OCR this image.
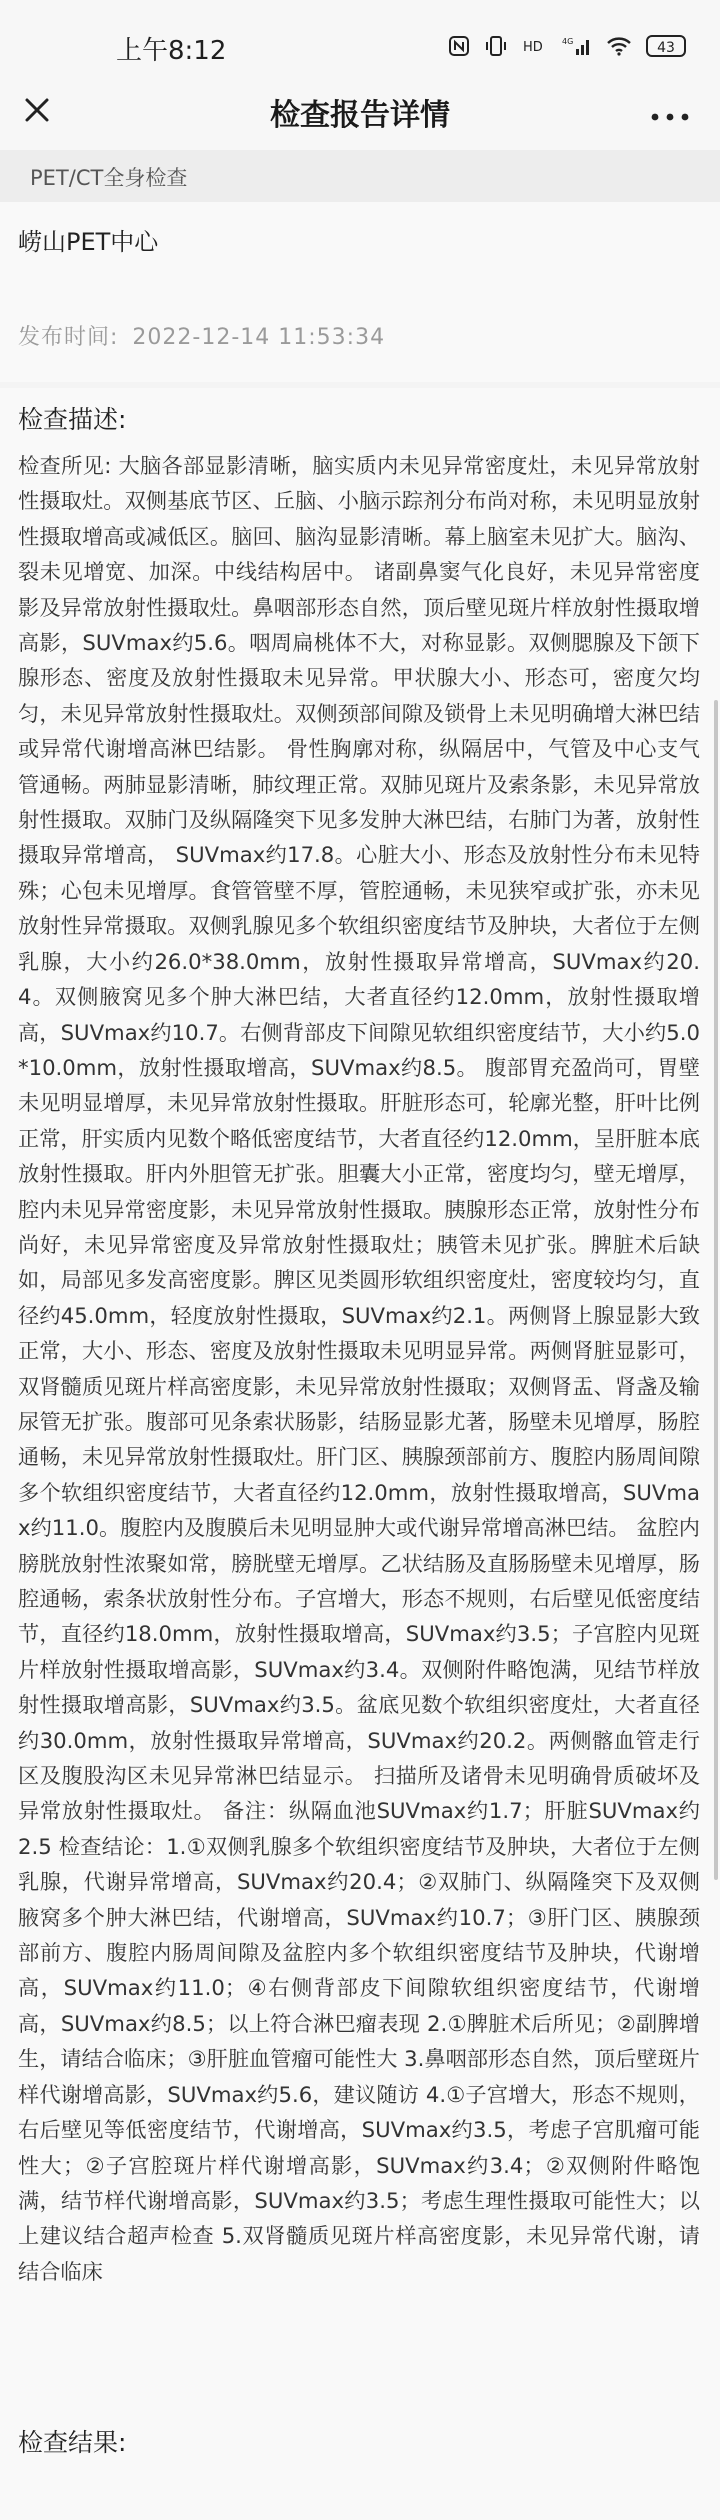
上午8:12	HD 4G	43
检查报告详情
PET/CT全身检查
崂山PET中心
发布时间: 2022-12-14 11:53:34
检查描述:
检查所见: 大脑各部显影清晰，脑实质内未见异常密度灶，未见异常放射性摄取灶。双侧基底节区、丘脑、小脑示踪剂分布尚对称，未见明显放射性摄取增高或减低区。脑回、脑沟显影清晰。幕上脑室未见扩大。脑沟、裂未见增宽、加深。中线结构居中。 诸副鼻窦气化良好，未见异常密度影及异常放射性摄取灶。鼻咽部形态自然，顶后壁见斑片样放射性摄取增高影，SUVmax约5.6。咽周扁桃体不大，对称显影。双侧腮腺及下颌下腺形态、密度及放射性摄取未见异常。甲状腺大小、形态可，密度欠均匀，未见异常放射性摄取灶。双侧颈部间隙及锁骨上未见明确增大淋巴结或异常代谢增高淋巴结影。 骨性胸廓对称，纵隔居中，气管及中心支气管通畅。两肺显影清晰，肺纹理正常。双肺见斑片及索条影，未见异常放射性摄取。双肺门及纵隔隆突下见多发肿大淋巴结，右肺门为著，放射性摄取异常增高， SUVmax约17.8。心脏大小、形态及放射性分布未见特殊；心包未见增厚。食管管壁不厚，管腔通畅，未见狭窄或扩张，亦未见放射性异常摄取。双侧乳腺见多个软组织密度结节及肿块，大者位于左侧乳腺，大小约26.0*38.0mm，放射性摄取异常增高，SUVmax约20.4。双侧腋窝见多个肿大淋巴结，大者直径约12.0mm，放射性摄取增高，SUVmax约10.7。右侧背部皮下间隙见软组织密度结节，大小约5.0*10.0mm，放射性摄取增高，SUVmax约8.5。 腹部胃充盈尚可，胃壁未见明显增厚，未见异常放射性摄取。肝脏形态可，轮廓光整，肝叶比例正常，肝实质内见数个略低密度结节，大者直径约12.0mm，呈肝脏本底放射性摄取。肝内外胆管无扩张。胆囊大小正常，密度均匀，壁无增厚，腔内未见异常密度影，未见异常放射性摄取。胰腺形态正常，放射性分布尚好，未见异常密度及异常放射性摄取灶；胰管未见扩张。脾脏术后缺如，局部见多发高密度影。脾区见类圆形软组织密度灶，密度较均匀，直径约45.0mm，轻度放射性摄取，SUVmax约2.1。两侧肾上腺显影大致正常，大小、形态、密度及放射性摄取未见明显异常。两侧肾脏显影可，双肾髓质见斑片样高密度影，未见异常放射性摄取；双侧肾盂、肾盏及输尿管无扩张。腹部可见条索状肠影，结肠显影尤著，肠壁未见增厚，肠腔通畅，未见异常放射性摄取灶。肝门区、胰腺颈部前方、腹腔内肠周间隙多个软组织密度结节，大者直径约12.0mm，放射性摄取增高，SUVmax约11.0。腹腔内及腹膜后未见明显肿大或代谢异常增高淋巴结。 盆腔内膀胱放射性浓聚如常，膀胱壁无增厚。乙状结肠及直肠肠壁未见增厚，肠腔通畅，索条状放射性分布。子宫增大，形态不规则，右后壁见低密度结节，直径约18.0mm，放射性摄取增高，SUVmax约3.5；子宫腔内见斑片样放射性摄取增高影，SUVmax约3.4。双侧附件略饱满，见结节样放射性摄取增高影，SUVmax约3.5。盆底见数个软组织密度灶，大者直径约30.0mm，放射性摄取异常增高，SUVmax约20.2。两侧髂血管走行区及腹股沟区未见异常淋巴结显示。 扫描所及诸骨未见明确骨质破坏及异常放射性摄取灶。 备注：纵隔血池SUVmax约1.7；肝脏SUVmax约2.5 检查结论：1.①双侧乳腺多个软组织密度结节及肿块，大者位于左侧乳腺，代谢异常增高，SUVmax约20.4；②双肺门、纵隔隆突下及双侧腋窝多个肿大淋巴结，代谢增高，SUVmax约10.7；③肝门区、胰腺颈部前方、腹腔内肠周间隙及盆腔内多个软组织密度结节及肿块，代谢增高，SUVmax约11.0；④右侧背部皮下间隙软组织密度结节，代谢增高，SUVmax约8.5；以上符合淋巴瘤表现 2.①脾脏术后所见；②副脾增生，请结合临床；③肝脏血管瘤可能性大 3.鼻咽部形态自然，顶后壁斑片样代谢增高影，SUVmax约5.6，建议随访 4.①子宫增大，形态不规则，右后壁见等低密度结节，代谢增高，SUVmax约3.5，考虑子宫肌瘤可能性大；②子宫腔斑片样代谢增高影，SUVmax约3.4；②双侧附件略饱满，结节样代谢增高影，SUVmax约3.5；考虑生理性摄取可能性大；以上建议结合超声检查 5.双肾髓质见斑片样高密度影，未见异常代谢，请结合临床
检查结果:
